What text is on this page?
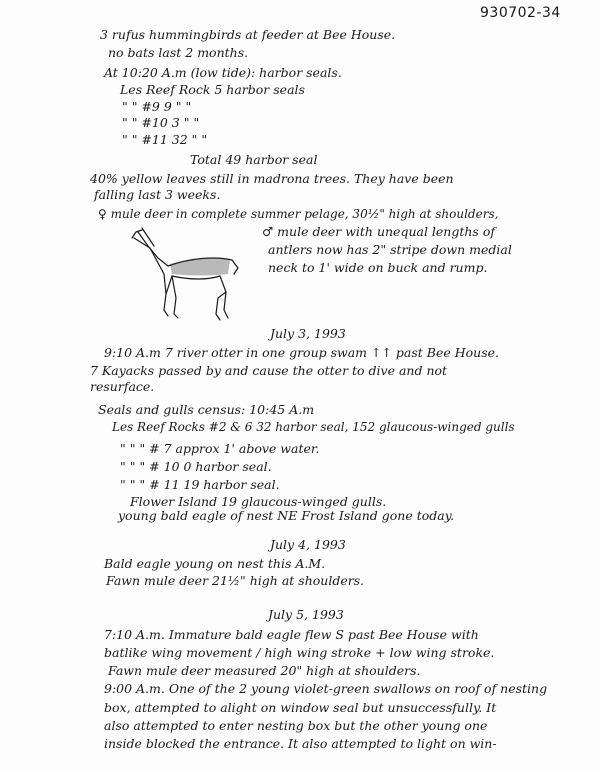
930702-34
3 rufus hummingbirds at feeder at Bee House.
no bats last 2 months.
At 10:20 A.m (low tide): harbor seals.
Les Reef Rock 5 harbor seals
" " #9 9 " "
" " #10 3 " "
" " #11 32 " "
Total 49 harbor seal
40% yellow leaves still in madrona trees. They have been
falling last 3 weeks.
♀ mule deer in complete summer pelage, 30½" high at shoulders,
♂ mule deer with unequal lengths of
antlers now has 2" stripe down medial
neck to 1' wide on buck and rump.
July 3, 1993
9:10 A.m 7 river otter in one group swam ↑↑ past Bee House.
7 Kayacks passed by and cause the otter to dive and not
resurface.
Seals and gulls census: 10:45 A.m
Les Reef Rocks #2 & 6 32 harbor seal, 152 glaucous-winged gulls
" " " # 7 approx 1' above water.
" " " # 10 0 harbor seal.
" " " # 11 19 harbor seal.
Flower Island 19 glaucous-winged gulls.
young bald eagle of nest NE Frost Island gone today.
July 4, 1993
Bald eagle young on nest this A.M.
Fawn mule deer 21½" high at shoulders.
July 5, 1993
7:10 A.m. Immature bald eagle flew S past Bee House with
batlike wing movement / high wing stroke + low wing stroke.
Fawn mule deer measured 20" high at shoulders.
9:00 A.m. One of the 2 young violet-green swallows on roof of nesting
box, attempted to alight on window seal but unsuccessfully. It
also attempted to enter nesting box but the other young one
inside blocked the entrance. It also attempted to light on win-
